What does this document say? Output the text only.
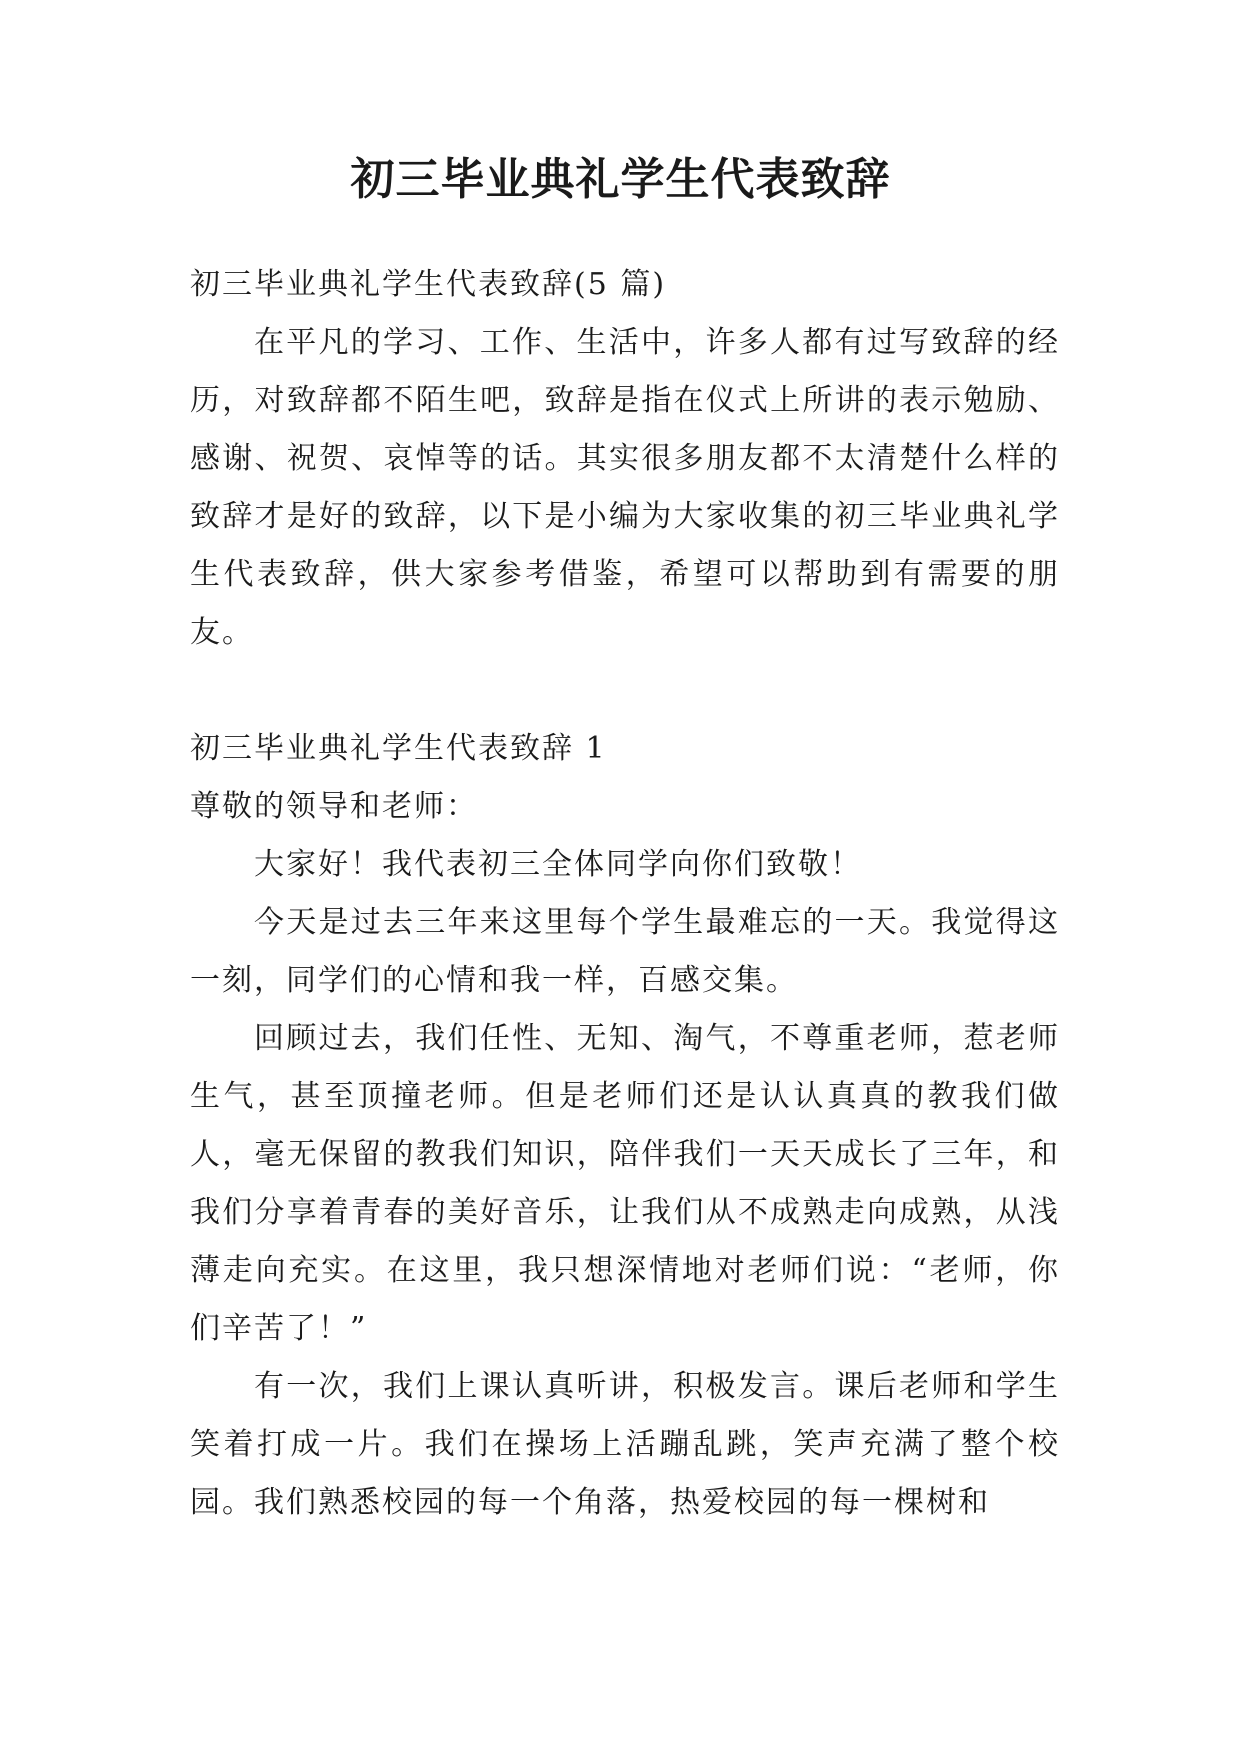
初三毕业典礼学生代表致辞

初三毕业典礼学生代表致辞(5 篇)

在平凡的学习、工作、生活中，许多人都有过写致辞的经历，对致辞都不陌生吧，致辞是指在仪式上所讲的表示勉励、感谢、祝贺、哀悼等的话。其实很多朋友都不太清楚什么样的致辞才是好的致辞，以下是小编为大家收集的初三毕业典礼学生代表致辞，供大家参考借鉴，希望可以帮助到有需要的朋友。

初三毕业典礼学生代表致辞 1

尊敬的领导和老师：

大家好！我代表初三全体同学向你们致敬！

今天是过去三年来这里每个学生最难忘的一天。我觉得这一刻，同学们的心情和我一样，百感交集。

回顾过去，我们任性、无知、淘气，不尊重老师，惹老师生气，甚至顶撞老师。但是老师们还是认认真真的教我们做人，毫无保留的教我们知识，陪伴我们一天天成长了三年，和我们分享着青春的美好音乐，让我们从不成熟走向成熟，从浅薄走向充实。在这里，我只想深情地对老师们说：“老师，你们辛苦了！”

有一次，我们上课认真听讲，积极发言。课后老师和学生笑着打成一片。我们在操场上活蹦乱跳，笑声充满了整个校园。我们熟悉校园的每一个角落，热爱校园的每一棵树和
